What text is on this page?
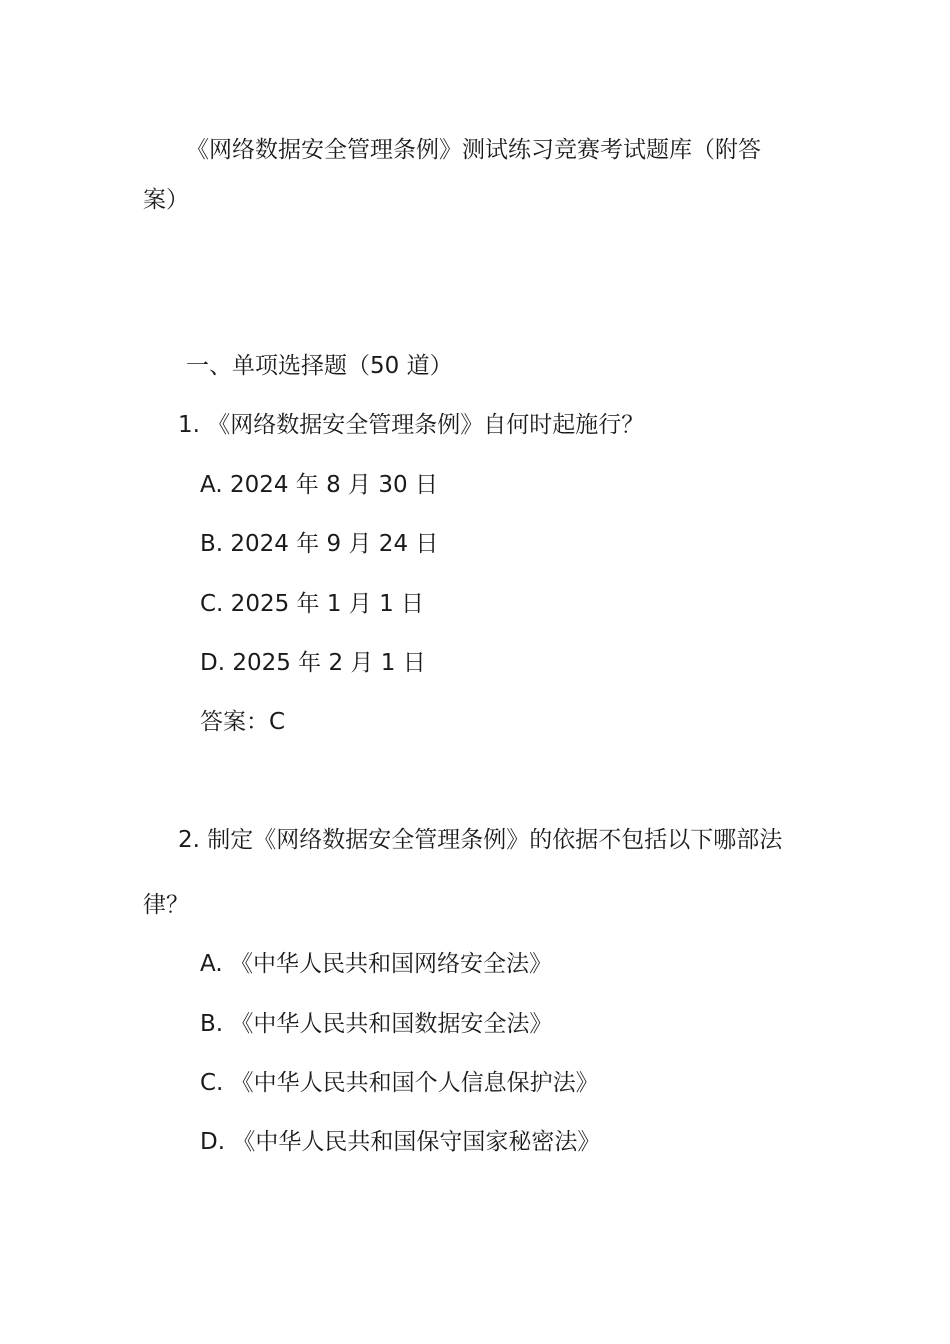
《网络数据安全管理条例》测试练习竞赛考试题库（附答
案）
一、单项选择题（50 道）
1. 《网络数据安全管理条例》自何时起施行？
A. 2024 年 8 月 30 日
B. 2024 年 9 月 24 日
C. 2025 年 1 月 1 日
D. 2025 年 2 月 1 日
答案：C
2. 制定《网络数据安全管理条例》的依据不包括以下哪部法
律？
A. 《中华人民共和国网络安全法》
B. 《中华人民共和国数据安全法》
C. 《中华人民共和国个人信息保护法》
D. 《中华人民共和国保守国家秘密法》
